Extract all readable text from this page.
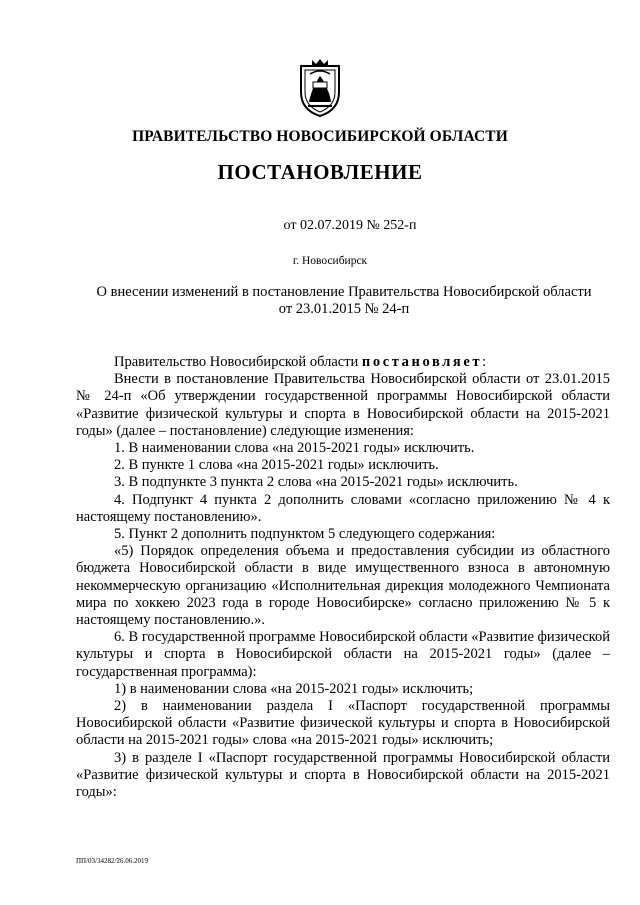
ПРАВИТЕЛЬСТВО НОВОСИБИРСКОЙ ОБЛАСТИ
ПОСТАНОВЛЕНИЕ
от 02.07.2019 № 252-п
г. Новосибирск
О внесении изменений в постановление Правительства Новосибирской области
от 23.01.2015 № 24-п

Правительство Новосибирской области постановляет:

Внести в постановление Правительства Новосибирской области от 23.01.2015 № 24-п «Об утверждении государственной программы Новосибирской области «Развитие физической культуры и спорта в Новосибирской области на 2015-2021 годы» (далее – постановление) следующие изменения:

1. В наименовании слова «на 2015-2021 годы» исключить.

2. В пункте 1 слова «на 2015-2021 годы» исключить.

3. В подпункте 3 пункта 2 слова «на 2015-2021 годы» исключить.

4. Подпункт 4 пункта 2 дополнить словами «согласно приложению № 4 к настоящему постановлению».

5. Пункт 2 дополнить подпунктом 5 следующего содержания:

«5) Порядок определения объема и предоставления субсидии из областного бюджета Новосибирской области в виде имущественного взноса в автономную некоммерческую организацию «Исполнительная дирекция молодежного Чемпионата мира по хоккею 2023 года в городе Новосибирске» согласно приложению № 5 к настоящему постановлению.».

6. В государственной программе Новосибирской области «Развитие физической культуры и спорта в Новосибирской области на 2015-2021 годы» (далее – государственная программа):

1) в наименовании слова «на 2015-2021 годы» исключить;

2) в наименовании раздела I «Паспорт государственной программы Новосибирской области «Развитие физической культуры и спорта в Новосибирской области на 2015-2021 годы» слова «на 2015-2021 годы» исключить;

3) в разделе I «Паспорт государственной программы Новосибирской области «Развитие физической культуры и спорта в Новосибирской области на 2015-2021 годы»:

ПП/03/34282/26.06.2019
